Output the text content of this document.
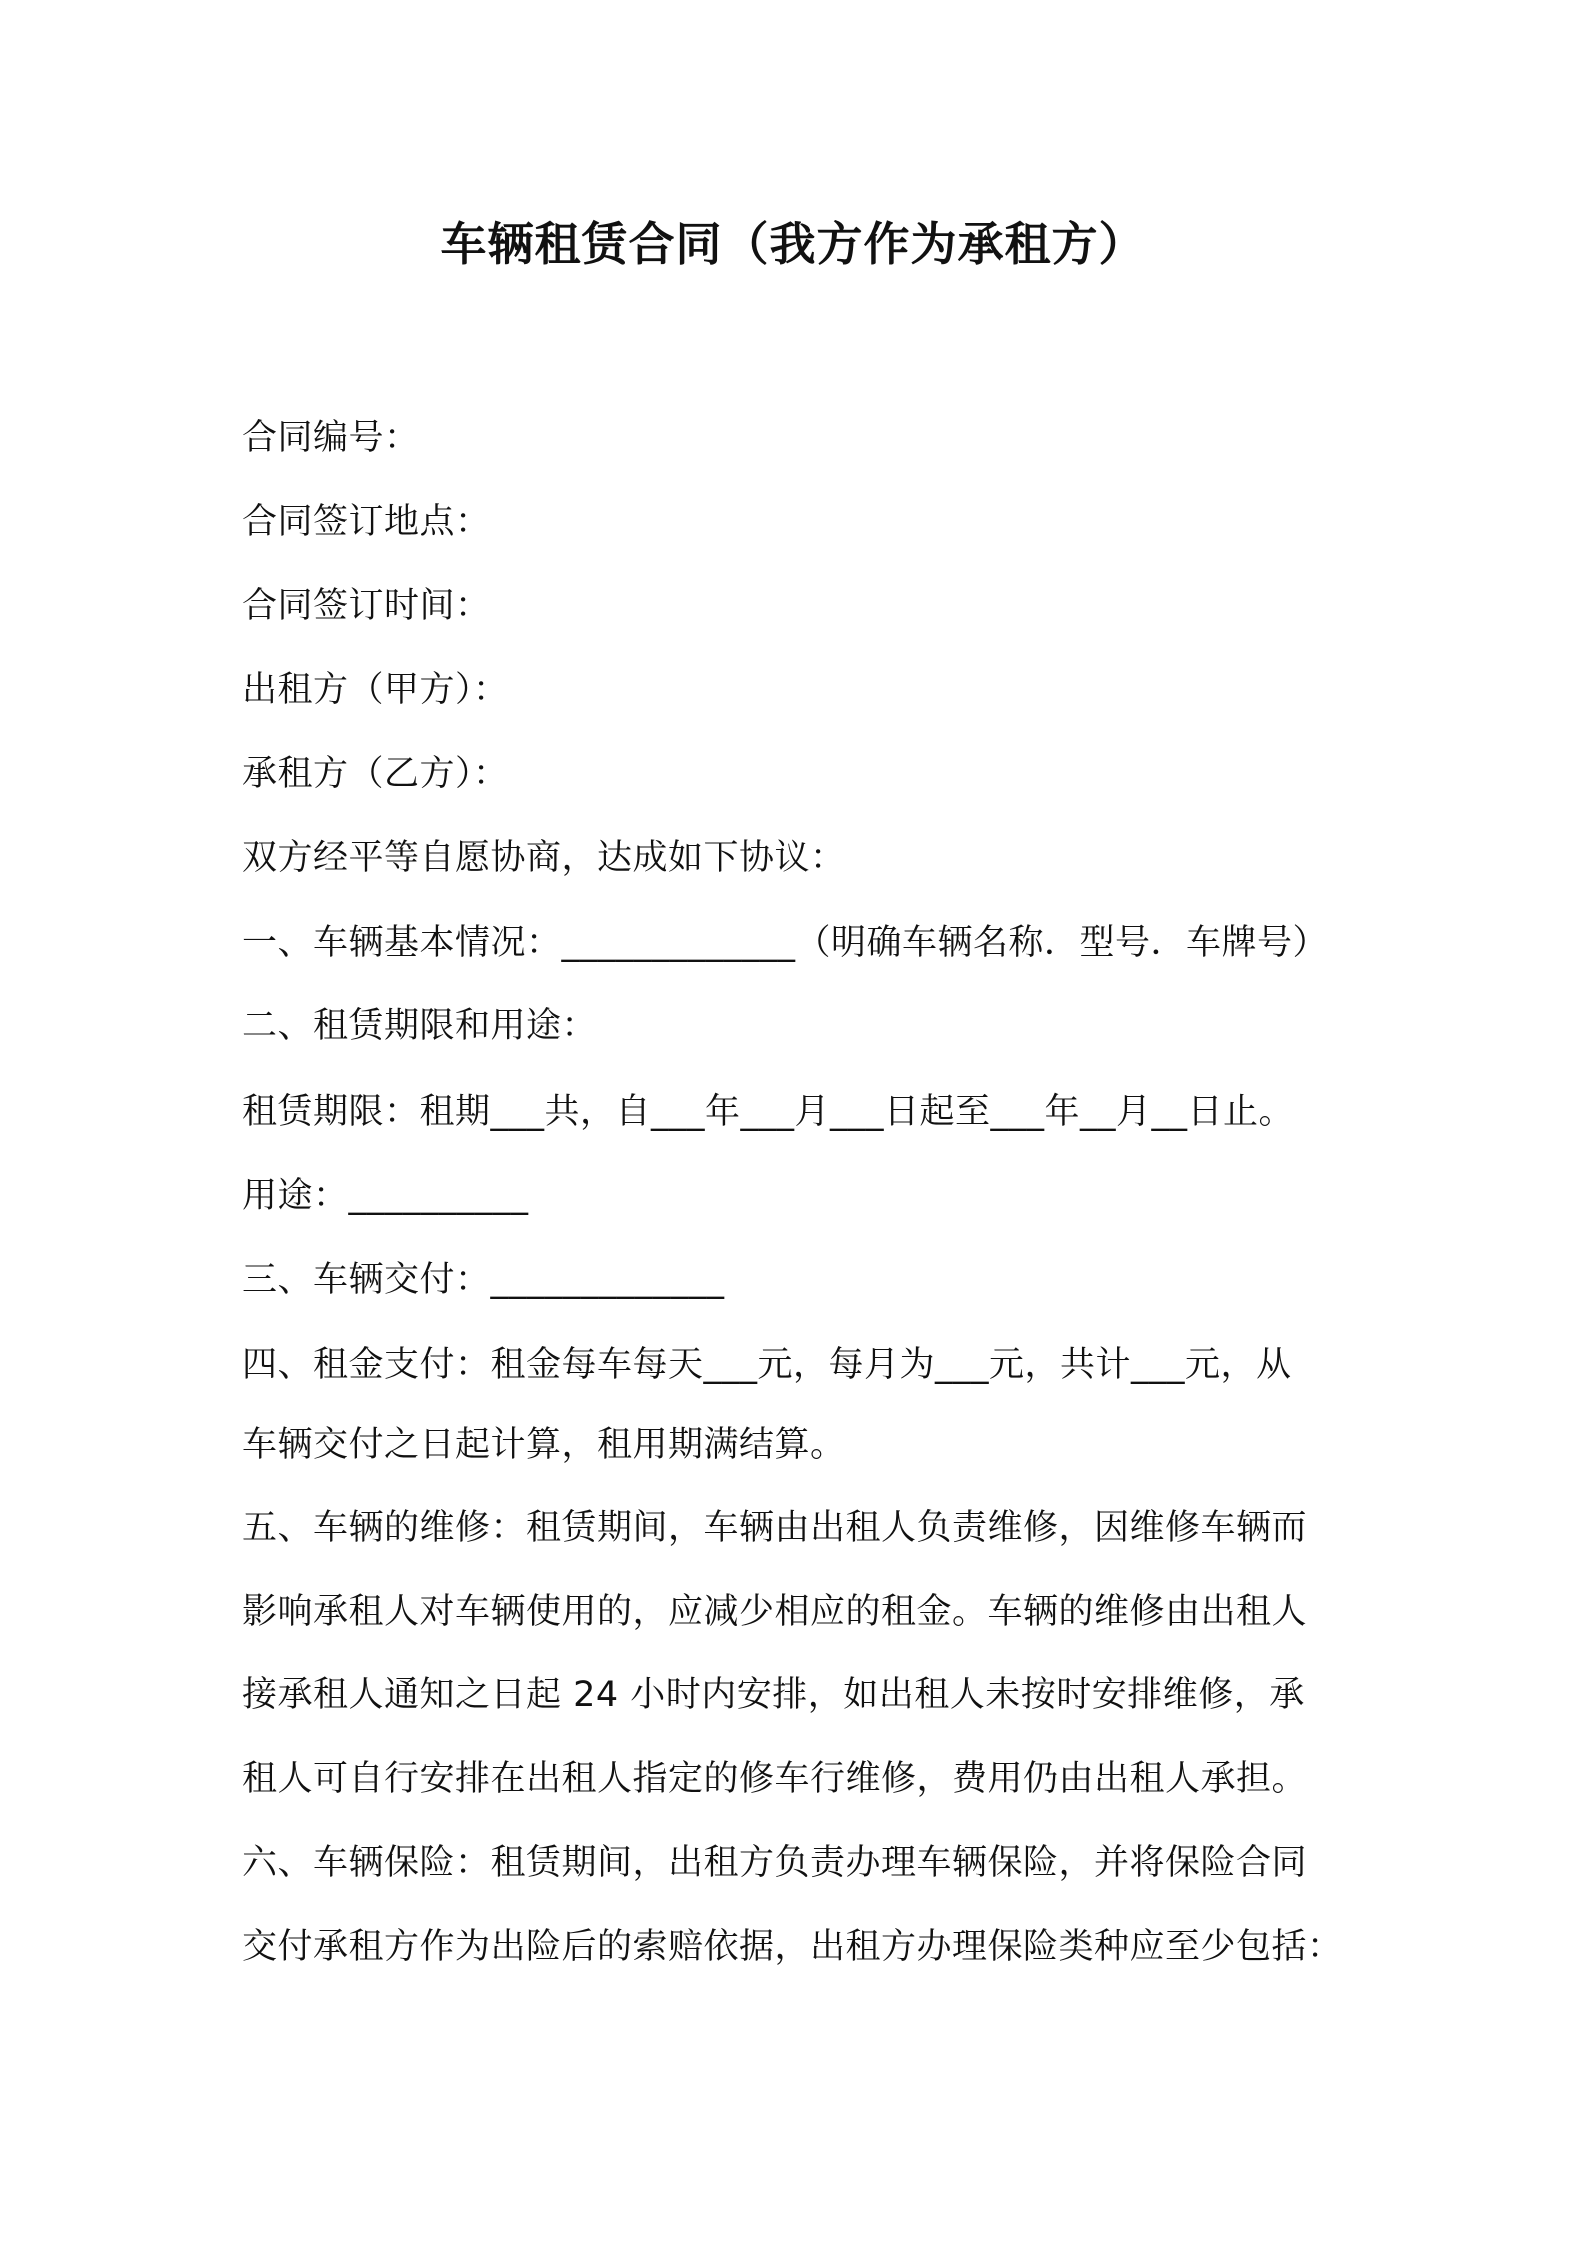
车辆租赁合同（我方作为承租方）
合同编号：
合同签订地点：
合同签订时间：
出租方（甲方）：
承租方（乙方）：
双方经平等自愿协商，达成如下协议：
一、车辆基本情况：_____________（明确车辆名称．型号．车牌号）
二、租赁期限和用途：
租赁期限：租期___共，自___年___月___日起至___年__月__日止。
用途：__________
三、车辆交付：_____________
四、租金支付：租金每车每天___元，每月为___元，共计___元，从
车辆交付之日起计算，租用期满结算。
五、车辆的维修：租赁期间，车辆由出租人负责维修，因维修车辆而
影响承租人对车辆使用的，应减少相应的租金。车辆的维修由出租人
接承租人通知之日起 24 小时内安排，如出租人未按时安排维修，承
租人可自行安排在出租人指定的修车行维修，费用仍由出租人承担。
六、车辆保险：租赁期间，出租方负责办理车辆保险，并将保险合同
交付承租方作为出险后的索赔依据，出租方办理保险类种应至少包括：
